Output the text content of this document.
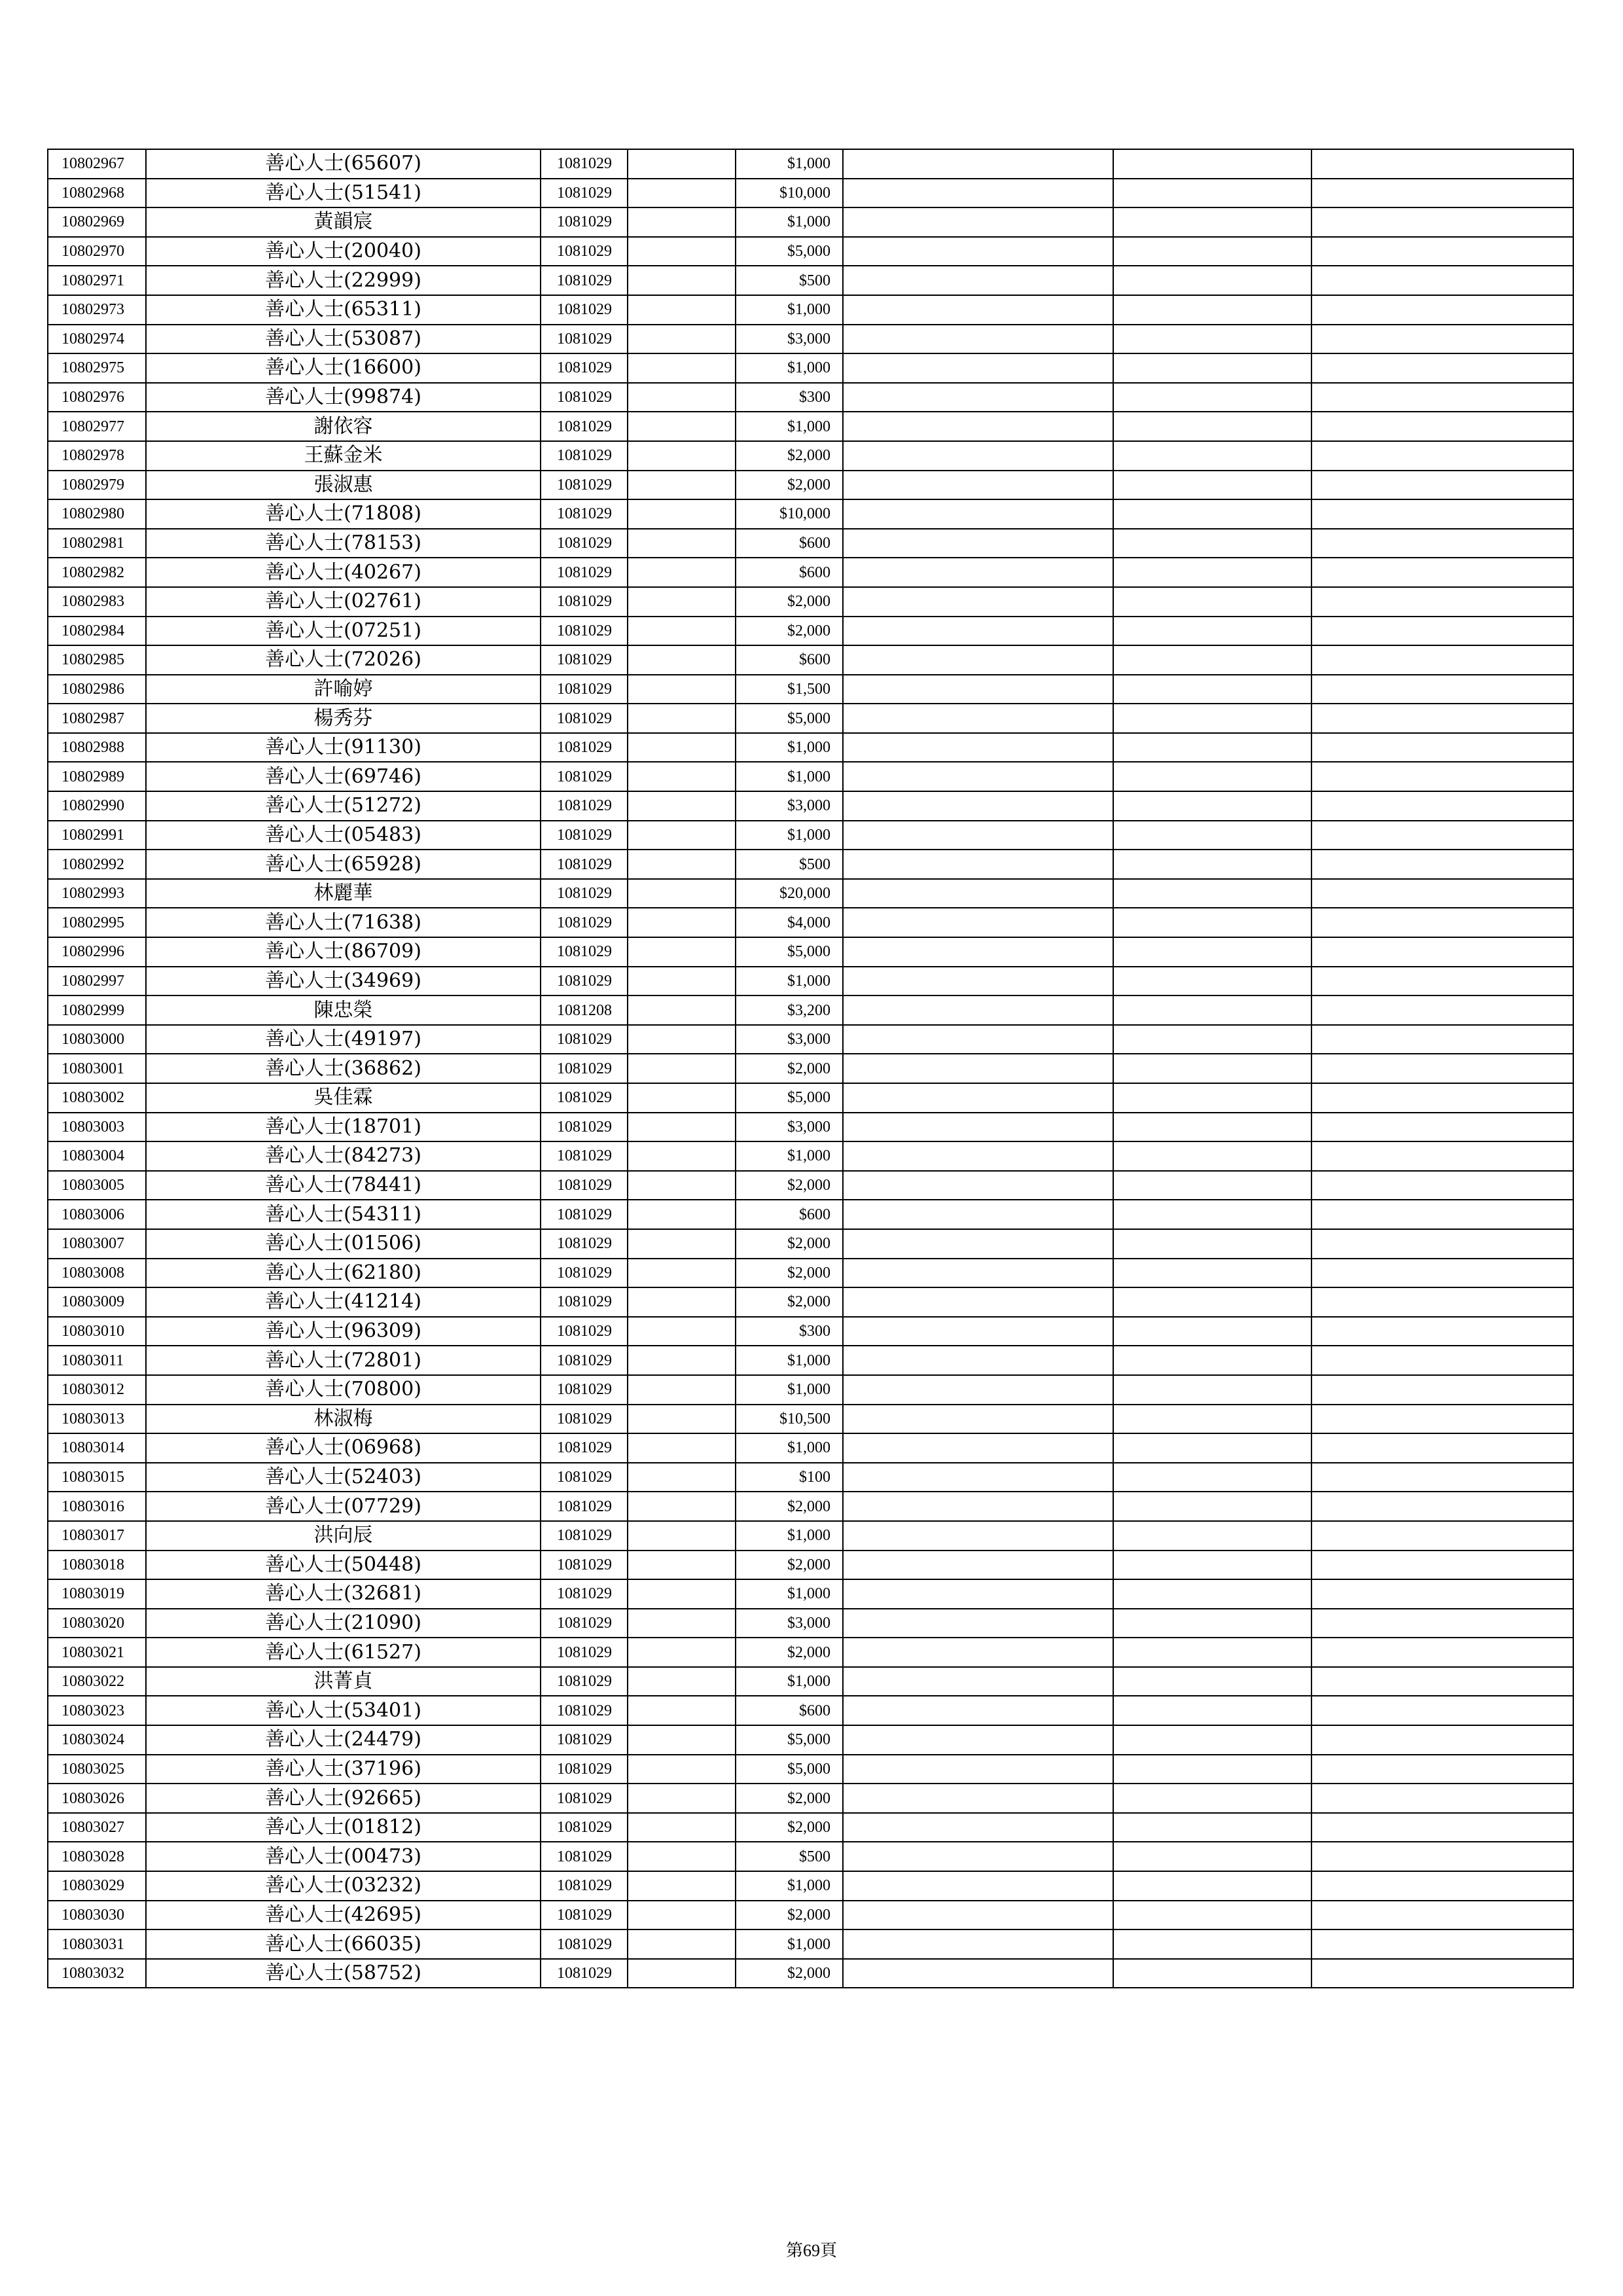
10802967	善心人士(65607)	1081029		$1,000			
10802968	善心人士(51541)	1081029		$10,000			
10802969	黃韻宸	1081029		$1,000			
10802970	善心人士(20040)	1081029		$5,000			
10802971	善心人士(22999)	1081029		$500			
10802973	善心人士(65311)	1081029		$1,000			
10802974	善心人士(53087)	1081029		$3,000			
10802975	善心人士(16600)	1081029		$1,000			
10802976	善心人士(99874)	1081029		$300			
10802977	謝依容	1081029		$1,000			
10802978	王蘇金米	1081029		$2,000			
10802979	張淑惠	1081029		$2,000			
10802980	善心人士(71808)	1081029		$10,000			
10802981	善心人士(78153)	1081029		$600			
10802982	善心人士(40267)	1081029		$600			
10802983	善心人士(02761)	1081029		$2,000			
10802984	善心人士(07251)	1081029		$2,000			
10802985	善心人士(72026)	1081029		$600			
10802986	許喻婷	1081029		$1,500			
10802987	楊秀芬	1081029		$5,000			
10802988	善心人士(91130)	1081029		$1,000			
10802989	善心人士(69746)	1081029		$1,000			
10802990	善心人士(51272)	1081029		$3,000			
10802991	善心人士(05483)	1081029		$1,000			
10802992	善心人士(65928)	1081029		$500			
10802993	林麗華	1081029		$20,000			
10802995	善心人士(71638)	1081029		$4,000			
10802996	善心人士(86709)	1081029		$5,000			
10802997	善心人士(34969)	1081029		$1,000			
10802999	陳忠榮	1081208		$3,200			
10803000	善心人士(49197)	1081029		$3,000			
10803001	善心人士(36862)	1081029		$2,000			
10803002	吳佳霖	1081029		$5,000			
10803003	善心人士(18701)	1081029		$3,000			
10803004	善心人士(84273)	1081029		$1,000			
10803005	善心人士(78441)	1081029		$2,000			
10803006	善心人士(54311)	1081029		$600			
10803007	善心人士(01506)	1081029		$2,000			
10803008	善心人士(62180)	1081029		$2,000			
10803009	善心人士(41214)	1081029		$2,000			
10803010	善心人士(96309)	1081029		$300			
10803011	善心人士(72801)	1081029		$1,000			
10803012	善心人士(70800)	1081029		$1,000			
10803013	林淑梅	1081029		$10,500			
10803014	善心人士(06968)	1081029		$1,000			
10803015	善心人士(52403)	1081029		$100			
10803016	善心人士(07729)	1081029		$2,000			
10803017	洪向辰	1081029		$1,000			
10803018	善心人士(50448)	1081029		$2,000			
10803019	善心人士(32681)	1081029		$1,000			
10803020	善心人士(21090)	1081029		$3,000			
10803021	善心人士(61527)	1081029		$2,000			
10803022	洪菁貞	1081029		$1,000			
10803023	善心人士(53401)	1081029		$600			
10803024	善心人士(24479)	1081029		$5,000			
10803025	善心人士(37196)	1081029		$5,000			
10803026	善心人士(92665)	1081029		$2,000			
10803027	善心人士(01812)	1081029		$2,000			
10803028	善心人士(00473)	1081029		$500			
10803029	善心人士(03232)	1081029		$1,000			
10803030	善心人士(42695)	1081029		$2,000			
10803031	善心人士(66035)	1081029		$1,000			
10803032	善心人士(58752)	1081029		$2,000			
第69頁
